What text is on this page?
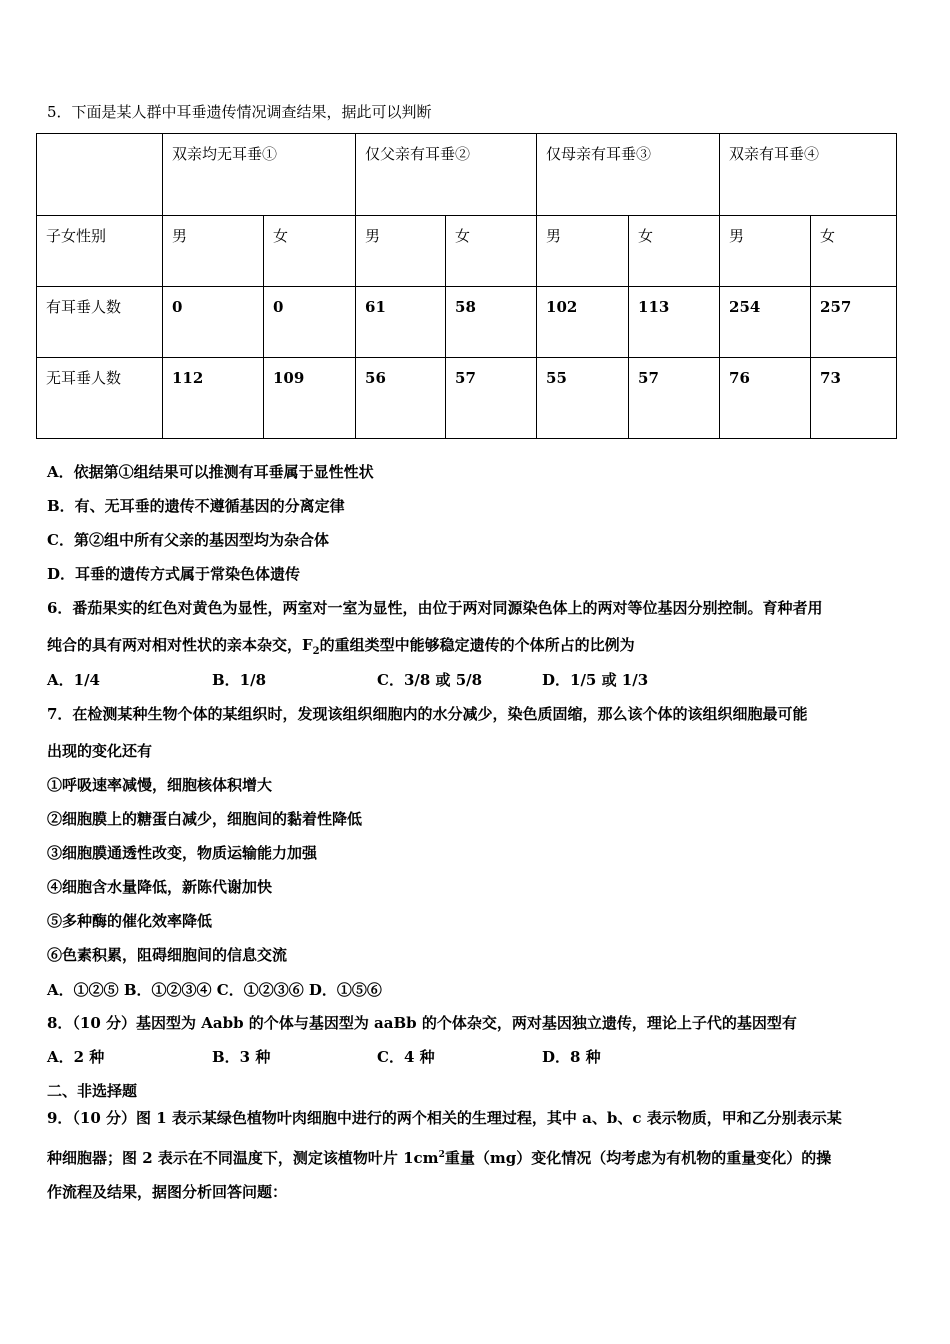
5．下面是某人群中耳垂遗传情况调查结果，据此可以判断
	双亲均无耳垂①		仅父亲有耳垂②		仅母亲有耳垂③		双亲有耳垂④	
子女性别	男	女	男	女	男	女	男	女
有耳垂人数	0	0	61	58	102	113	254	257
无耳垂人数	112	109	56	57	55	57	76	73
A．依据第①组结果可以推测有耳垂属于显性性状
B．有、无耳垂的遗传不遵循基因的分离定律
C．第②组中所有父亲的基因型均为杂合体
D．耳垂的遗传方式属于常染色体遗传
6．番茄果实的红色对黄色为显性，两室对一室为显性，由位于两对同源染色体上的两对等位基因分别控制。育种者用
纯合的具有两对相对性状的亲本杂交，$F_2$的重组类型中能够稳定遗传的个体所占的比例为
A．1/4	B．1/8	C．3/8 或 5/8	D．1/5 或 1/3
7．在检测某种生物个体的某组织时，发现该组织细胞内的水分减少，染色质固缩，那么该个体的该组织细胞最可能
出现的变化还有
①呼吸速率减慢，细胞核体积增大
②细胞膜上的糖蛋白减少，细胞间的黏着性降低
③细胞膜通透性改变，物质运输能力加强
④细胞含水量降低，新陈代谢加快
⑤多种酶的催化效率降低
⑥色素积累，阻碍细胞间的信息交流
A．①②⑤ B．①②③④ C．①②③⑥ D．①⑤⑥
8．（10 分）基因型为 Aabb 的个体与基因型为 aaBb 的个体杂交，两对基因独立遗传，理论上子代的基因型有
A．2 种	B．3 种	C．4 种	D．8 种
二、非选择题
9．（10 分）图 1 表示某绿色植物叶肉细胞中进行的两个相关的生理过程，其中 a、b、c 表示物质，甲和乙分别表示某
种细胞器；图 2 表示在不同温度下，测定该植物叶片 $1cm^2$重量（mg）变化情况（均考虑为有机物的重量变化）的操
作流程及结果，据图分析回答问题：
